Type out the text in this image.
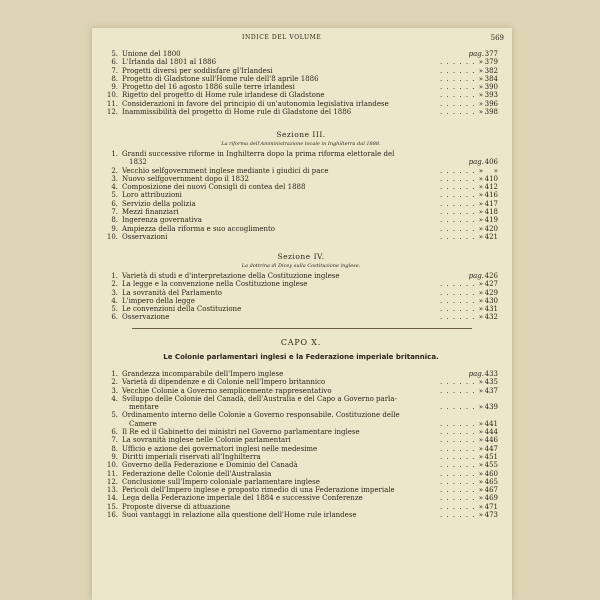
INDICE DEL VOLUME	569
5. Unione del 1800	pag. 377
6. L'Irlanda dal 1801 al 1886	. . . . . . » 379
7. Progetti diversi per soddisfare gl'Irlandesi	. . . . . . » 382
8. Progetto di Gladstone sull'Home rule dell'8 aprile 1886	. . . . . . » 384
9. Progetto del 16 agosto 1886 sulle terre irlandesi	. . . . . . » 390
10. Rigetto del progetto di Home rule irlandese di Gladstone	. . . . . . » 393
11. Considerazioni in favore del principio di un'autonomia legislativa irlandese	. . . . . . » 396
12. Inammissibilità del progetto di Home rule di Gladstone del 1886	. . . . . . » 398
Sezione III.
La riforma dell'Amministrazione locale in Inghilterra dal 1888.
1. Grandi successive riforme in Inghilterra dopo la prima riforma elettorale del
1832	pag. 406
2. Vecchio selfgovernment inglese mediante i giudici di pace	. . . . . . »	»
3. Nuovo selfgovernment dopo il 1832	. . . . . . » 410
4. Composizione dei nuovi Consigli di contea del 1888	. . . . . . » 412
5. Loro attribuzioni	. . . . . . » 416
6. Servizio della polizia	. . . . . . » 417
7. Mezzi finanziari	. . . . . . » 418
8. Ingerenza governativa	. . . . . . » 419
9. Ampiezza della riforma e suo accoglimento	. . . . . . » 420
10. Osservazioni	. . . . . . » 421
Sezione IV.
La dottrina di Dicey sulla Costituzione inglese.
1. Varietà di studi e d'interpretazione della Costituzione inglese	pag. 426
2. La legge e la convenzione nella Costituzione inglese	. . . . . . » 427
3. La sovranità del Parlamento	. . . . . . » 429
4. L'impero della legge	. . . . . . » 430
5. Le convenzioni della Costituzione	. . . . . . » 431
6. Osservazione	. . . . . . » 432
CAPO X.
Le Colonie parlamentari inglesi e la Federazione imperiale britannica.
1. Grandezza incomparabile dell'Impero inglese	pag. 433
2. Varietà di dipendenze e di Colonie nell'Impero britannico	. . . . . . » 435
3. Vecchie Colonie a Governo semplicemente rappresentativo	. . . . . . » 437
4. Sviluppo delle Colonie del Canadà, dell'Australia e del Capo a Governo parla-
mentare	. . . . . . » 439
5. Ordinamento interno delle Colonie a Governo responsabile. Costituzione delle
Camere	. . . . . . » 441
6. Il Re ed il Gabinetto dei ministri nel Governo parlamentare inglese	. . . . . . » 444
7. La sovranità inglese nelle Colonie parlamentari	. . . . . . » 446
8. Ufficio e azione dei governatori inglesi nelle medesime	. . . . . . » 447
9. Diritti imperiali riservati all'Inghilterra	. . . . . . » 451
10. Governo della Federazione e Dominio del Canadà	. . . . . . » 455
11. Federazione delle Colonie dell'Australasia	. . . . . . » 460
12. Conclusione sull'Impero coloniale parlamentare inglese	. . . . . . » 465
13. Pericoli dell'Impero inglese e proposto rimedio di una Federazione imperiale	. . . . . . » 467
14. Lega della Federazione imperiale del 1884 e successive Conferenze	. . . . . . » 469
15. Proposte diverse di attuazione	. . . . . . » 471
16. Suoi vantaggi in relazione alla questione dell'Home rule irlandese	. . . . . . » 473
